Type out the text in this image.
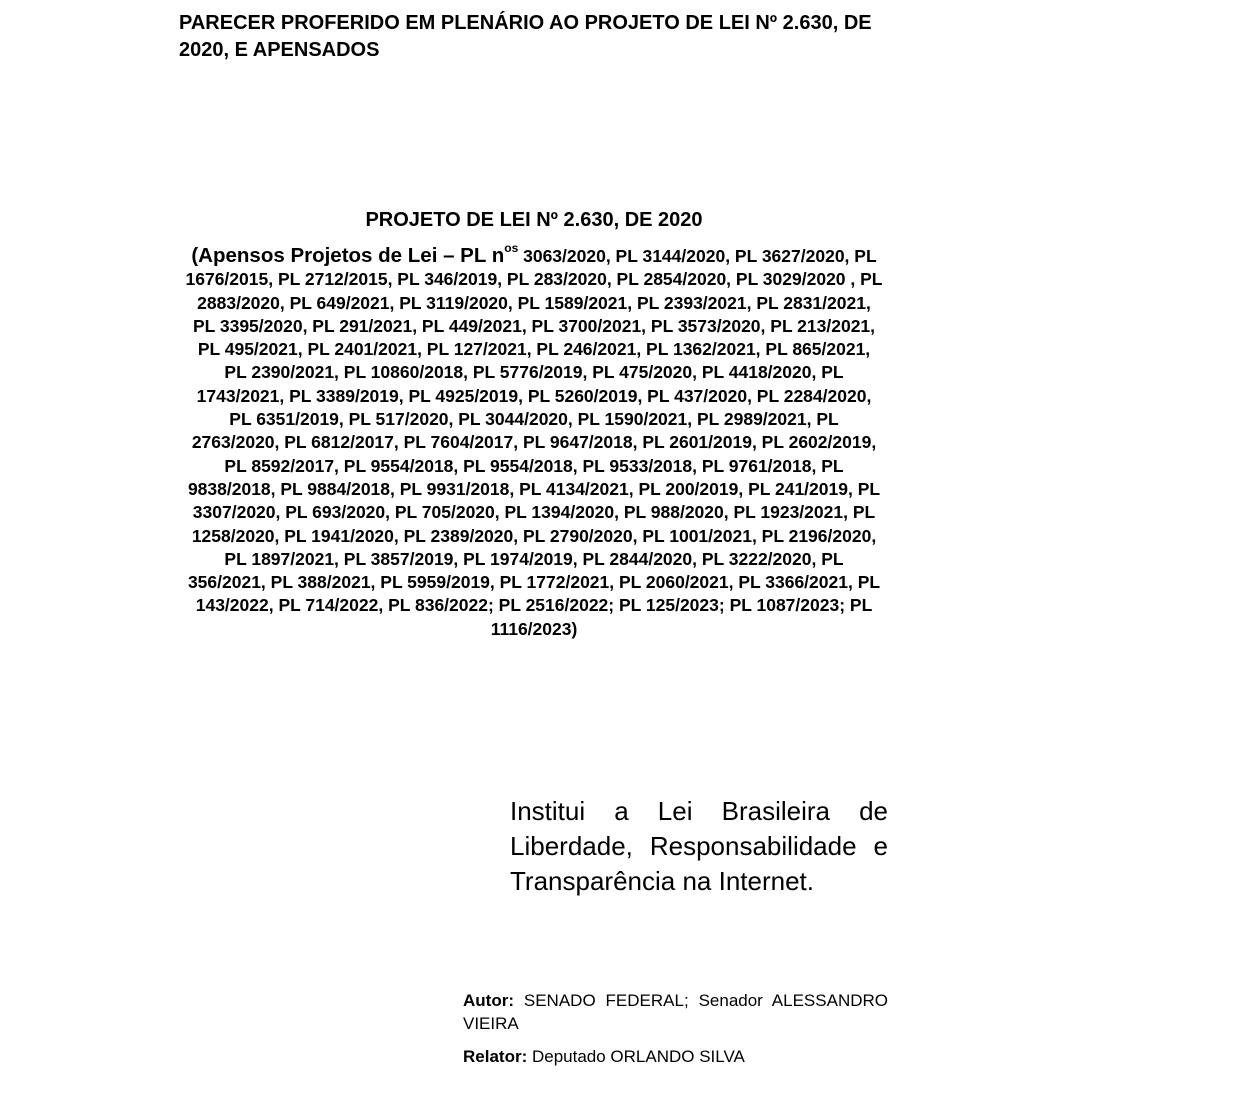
PARECER PROFERIDO EM PLENÁRIO AO PROJETO DE LEI Nº 2.630, DE 2020, E APENSADOS

PROJETO DE LEI Nº 2.630, DE 2020

(Apensos Projetos de Lei – PL $n^{os}$ 3063/2020, PL 3144/2020, PL 3627/2020, PL 1676/2015, PL 2712/2015, PL 346/2019, PL 283/2020, PL 2854/2020, PL 3029/2020 , PL 2883/2020, PL 649/2021, PL 3119/2020, PL 1589/2021, PL 2393/2021, PL 2831/2021, PL 3395/2020, PL 291/2021, PL 449/2021, PL 3700/2021, PL 3573/2020, PL 213/2021, PL 495/2021, PL 2401/2021, PL 127/2021, PL 246/2021, PL 1362/2021, PL 865/2021, PL 2390/2021, PL 10860/2018, PL 5776/2019, PL 475/2020, PL 4418/2020, PL 1743/2021, PL 3389/2019, PL 4925/2019, PL 5260/2019, PL 437/2020, PL 2284/2020, PL 6351/2019, PL 517/2020, PL 3044/2020, PL 1590/2021, PL 2989/2021, PL 2763/2020, PL 6812/2017, PL 7604/2017, PL 9647/2018, PL 2601/2019, PL 2602/2019, PL 8592/2017, PL 9554/2018, PL 9554/2018, PL 9533/2018, PL 9761/2018, PL 9838/2018, PL 9884/2018, PL 9931/2018, PL 4134/2021, PL 200/2019, PL 241/2019, PL 3307/2020, PL 693/2020, PL 705/2020, PL 1394/2020, PL 988/2020, PL 1923/2021, PL 1258/2020, PL 1941/2020, PL 2389/2020, PL 2790/2020, PL 1001/2021, PL 2196/2020, PL 1897/2021, PL 3857/2019, PL 1974/2019, PL 2844/2020, PL 3222/2020, PL 356/2021, PL 388/2021, PL 5959/2019, PL 1772/2021, PL 2060/2021, PL 3366/2021, PL 143/2022, PL 714/2022, PL 836/2022; PL 2516/2022; PL 125/2023; PL 1087/2023; PL 1116/2023)

Institui a Lei Brasileira de Liberdade, Responsabilidade e Transparência na Internet.

Autor: SENADO FEDERAL; Senador ALESSANDRO VIEIRA

Relator: Deputado ORLANDO SILVA
